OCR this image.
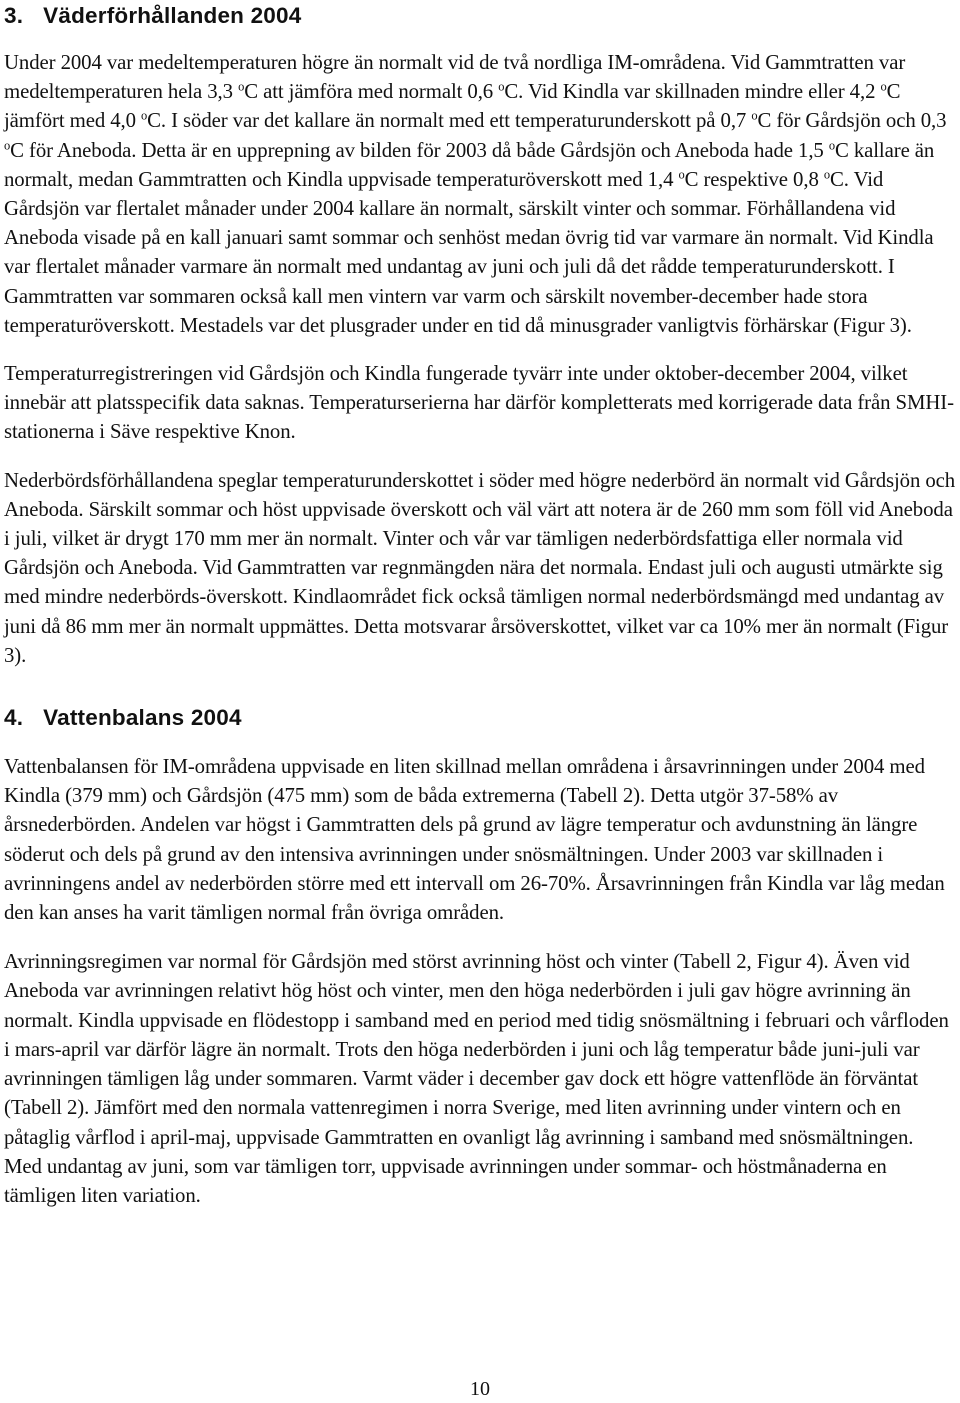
3. Väderförhållanden 2004

Under 2004 var medeltemperaturen högre än normalt vid de två nordliga IM-områdena. Vid Gammtratten var medeltemperaturen hela 3,3 $^o$C att jämföra med normalt 0,6 $^o$C. Vid Kindla var skillnaden mindre eller 4,2 $^o$C jämfört med 4,0 $^o$C. I söder var det kallare än normalt med ett temperaturunderskott på 0,7 $^o$C för Gårdsjön och 0,3 $^o$C för Aneboda. Detta är en upprepning av bilden för 2003 då både Gårdsjön och Aneboda hade 1,5 $^o$C kallare än normalt, medan Gammtratten och Kindla uppvisade temperaturöverskott med 1,4 $^o$C respektive 0,8 $^o$C. Vid Gårdsjön var flertalet månader under 2004 kallare än normalt, särskilt vinter och sommar. Förhållandena vid Aneboda visade på en kall januari samt sommar och senhöst medan övrig tid var varmare än normalt. Vid Kindla var flertalet månader varmare än normalt med undantag av juni och juli då det rådde temperaturunderskott. I Gammtratten var sommaren också kall men vintern var varm och särskilt november-december hade stora temperaturöverskott. Mestadels var det plusgrader under en tid då minusgrader vanligtvis förhärskar (Figur 3).

Temperaturregistreringen vid Gårdsjön och Kindla fungerade tyvärr inte under oktober-december 2004, vilket innebär att platsspecifik data saknas. Temperaturserierna har därför kompletterats med korrigerade data från SMHI-stationerna i Säve respektive Knon.

Nederbördsförhållandena speglar temperaturunderskottet i söder med högre nederbörd än normalt vid Gårdsjön och Aneboda. Särskilt sommar och höst uppvisade överskott och väl värt att notera är de 260 mm som föll vid Aneboda i juli, vilket är drygt 170 mm mer än normalt. Vinter och vår var tämligen nederbördsfattiga eller normala vid Gårdsjön och Aneboda. Vid Gammtratten var regnmängden nära det normala. Endast juli och augusti utmärkte sig med mindre nederbörds-överskott. Kindlaområdet fick också tämligen normal nederbördsmängd med undantag av juni då 86 mm mer än normalt uppmättes. Detta motsvarar årsöverskottet, vilket var ca 10% mer än normalt (Figur 3).

4. Vattenbalans 2004

Vattenbalansen för IM-områdena uppvisade en liten skillnad mellan områdena i årsavrinningen under 2004 med Kindla (379 mm) och Gårdsjön (475 mm) som de båda extremerna (Tabell 2). Detta utgör 37-58% av årsnederbörden. Andelen var högst i Gammtratten dels på grund av lägre temperatur och avdunstning än längre söderut och dels på grund av den intensiva avrinningen under snösmältningen. Under 2003 var skillnaden i avrinningens andel av nederbörden större med ett intervall om 26-70%. Årsavrinningen från Kindla var låg medan den kan anses ha varit tämligen normal från övriga områden.

Avrinningsregimen var normal för Gårdsjön med störst avrinning höst och vinter (Tabell 2, Figur 4). Även vid Aneboda var avrinningen relativt hög höst och vinter, men den höga nederbörden i juli gav högre avrinning än normalt. Kindla uppvisade en flödestopp i samband med en period med tidig snösmältning i februari och vårfloden i mars-april var därför lägre än normalt. Trots den höga nederbörden i juni och låg temperatur både juni-juli var avrinningen tämligen låg under sommaren. Varmt väder i december gav dock ett högre vattenflöde än förväntat (Tabell 2). Jämfört med den normala vattenregimen i norra Sverige, med liten avrinning under vintern och en påtaglig vårflod i april-maj, uppvisade Gammtratten en ovanligt låg avrinning i samband med snösmältningen. Med undantag av juni, som var tämligen torr, uppvisade avrinningen under sommar- och höstmånaderna en tämligen liten variation.

10
